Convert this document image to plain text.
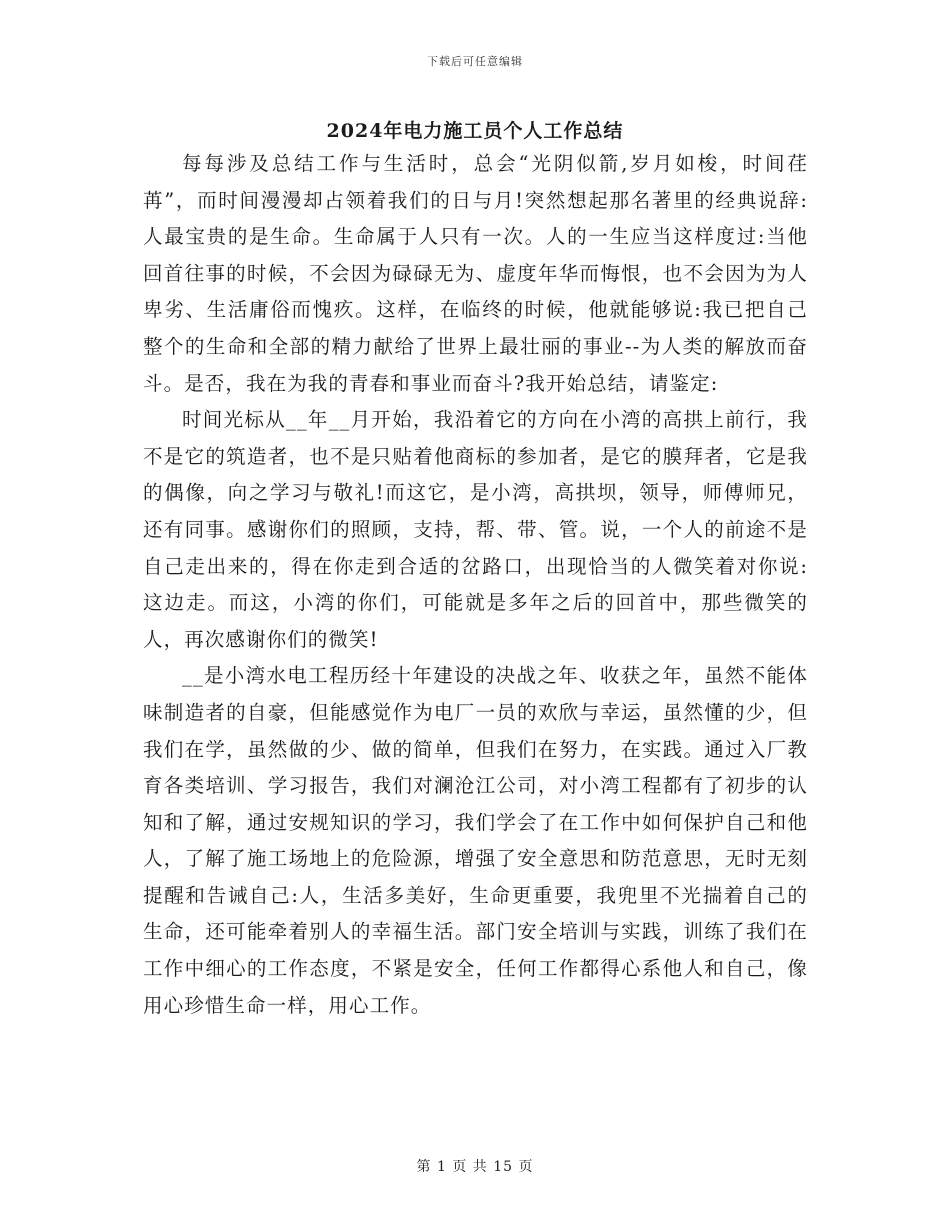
下载后可任意编辑
2024年电力施工员个人工作总结

每每涉及总结工作与生活时，总会“光阴似箭,岁月如梭，时间荏苒”，而时间漫漫却占领着我们的日与月!突然想起那名著里的经典说辞:人最宝贵的是生命。生命属于人只有一次。人的一生应当这样度过:当他回首往事的时候，不会因为碌碌无为、虚度年华而悔恨，也不会因为为人卑劣、生活庸俗而愧疚。这样，在临终的时候，他就能够说:我已把自己整个的生命和全部的精力献给了世界上最壮丽的事业--为人类的解放而奋斗。是否，我在为我的青春和事业而奋斗?我开始总结，请鉴定:

时间光标从__年__月开始，我沿着它的方向在小湾的高拱上前行，我不是它的筑造者，也不是只贴着他商标的参加者，是它的膜拜者，它是我的偶像，向之学习与敬礼!而这它，是小湾，高拱坝，领导，师傅师兄，还有同事。感谢你们的照顾，支持，帮、带、管。说，一个人的前途不是自己走出来的，得在你走到合适的岔路口，出现恰当的人微笑着对你说:这边走。而这，小湾的你们，可能就是多年之后的回首中，那些微笑的人，再次感谢你们的微笑!

__是小湾水电工程历经十年建设的决战之年、收获之年，虽然不能体味制造者的自豪，但能感觉作为电厂一员的欢欣与幸运，虽然懂的少，但我们在学，虽然做的少、做的简单，但我们在努力，在实践。通过入厂教育各类培训、学习报告，我们对澜沧江公司，对小湾工程都有了初步的认知和了解，通过安规知识的学习，我们学会了在工作中如何保护自己和他人，了解了施工场地上的危险源，增强了安全意思和防范意思，无时无刻提醒和告诫自己:人，生活多美好，生命更重要，我兜里不光揣着自己的生命，还可能牵着别人的幸福生活。部门安全培训与实践，训练了我们在工作中细心的工作态度，不紧是安全，任何工作都得心系他人和自己，像用心珍惜生命一样，用心工作。

第 1 页 共 15 页
